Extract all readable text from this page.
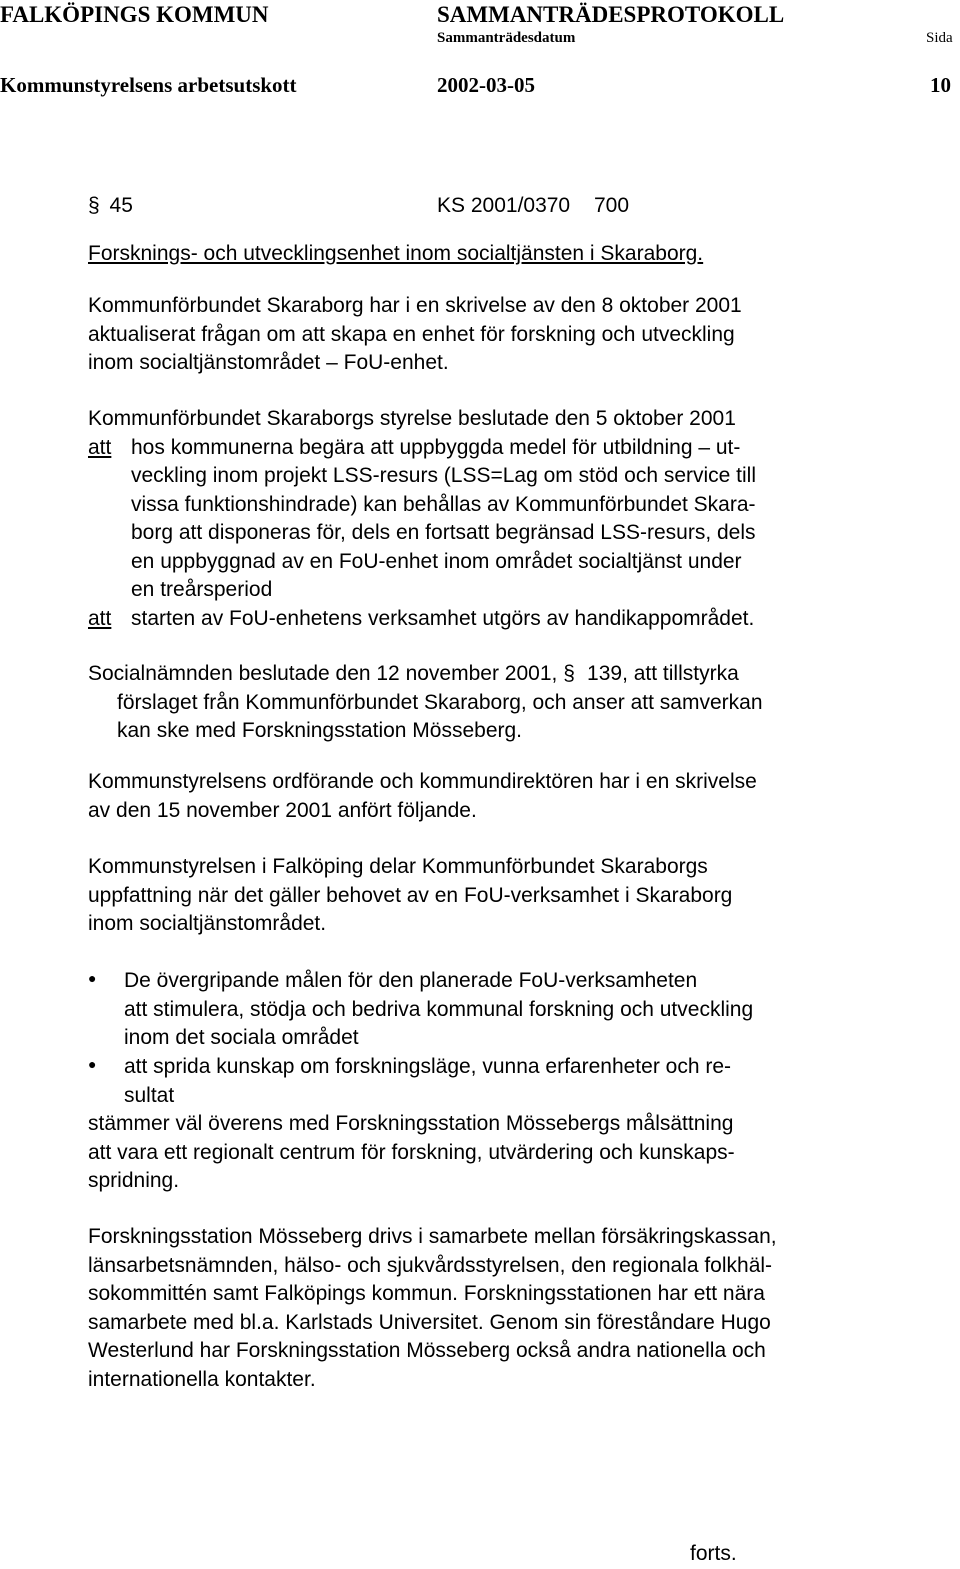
FALKÖPINGS KOMMUN	SAMMANTRÄDESPROTOKOLL
Sammanträdesdatum	Sida
Kommunstyrelsens arbetsutskott	2002-03-05	10
§ 45	KS 2001/0370 700
Forsknings- och utvecklingsenhet inom socialtjänsten i Skaraborg.
Kommunförbundet Skaraborg har i en skrivelse av den 8 oktober 2001
aktualiserat frågan om att skapa en enhet för forskning och utveckling
inom socialtjänstområdet – FoU-enhet.
Kommunförbundet Skaraborgs styrelse beslutade den 5 oktober 2001
att hos kommunerna begära att uppbyggda medel för utbildning – ut-
veckling inom projekt LSS-resurs (LSS=Lag om stöd och service till
vissa funktionshindrade) kan behållas av Kommunförbundet Skara-
borg att disponeras för, dels en fortsatt begränsad LSS-resurs, dels
en uppbyggnad av en FoU-enhet inom området socialtjänst under
en treårsperiod
att starten av FoU-enhetens verksamhet utgörs av handikappområdet.
Socialnämnden beslutade den 12 november 2001, § 139, att tillstyrka
förslaget från Kommunförbundet Skaraborg, och anser att samverkan
kan ske med Forskningsstation Mösseberg.
Kommunstyrelsens ordförande och kommundirektören har i en skrivelse
av den 15 november 2001 anfört följande.
Kommunstyrelsen i Falköping delar Kommunförbundet Skaraborgs
uppfattning när det gäller behovet av en FoU-verksamhet i Skaraborg
inom socialtjänstområdet.
● De övergripande målen för den planerade FoU-verksamheten
att stimulera, stödja och bedriva kommunal forskning och utveckling
inom det sociala området
● att sprida kunskap om forskningsläge, vunna erfarenheter och re-
sultat
stämmer väl överens med Forskningsstation Mössebergs målsättning
att vara ett regionalt centrum för forskning, utvärdering och kunskaps-
spridning.
Forskningsstation Mösseberg drivs i samarbete mellan försäkringskassan,
länsarbetsnämnden, hälso- och sjukvårdsstyrelsen, den regionala folkhäl-
sokommittén samt Falköpings kommun. Forskningsstationen har ett nära
samarbete med bl.a. Karlstads Universitet. Genom sin föreståndare Hugo
Westerlund har Forskningsstation Mösseberg också andra nationella och
internationella kontakter.
forts.
